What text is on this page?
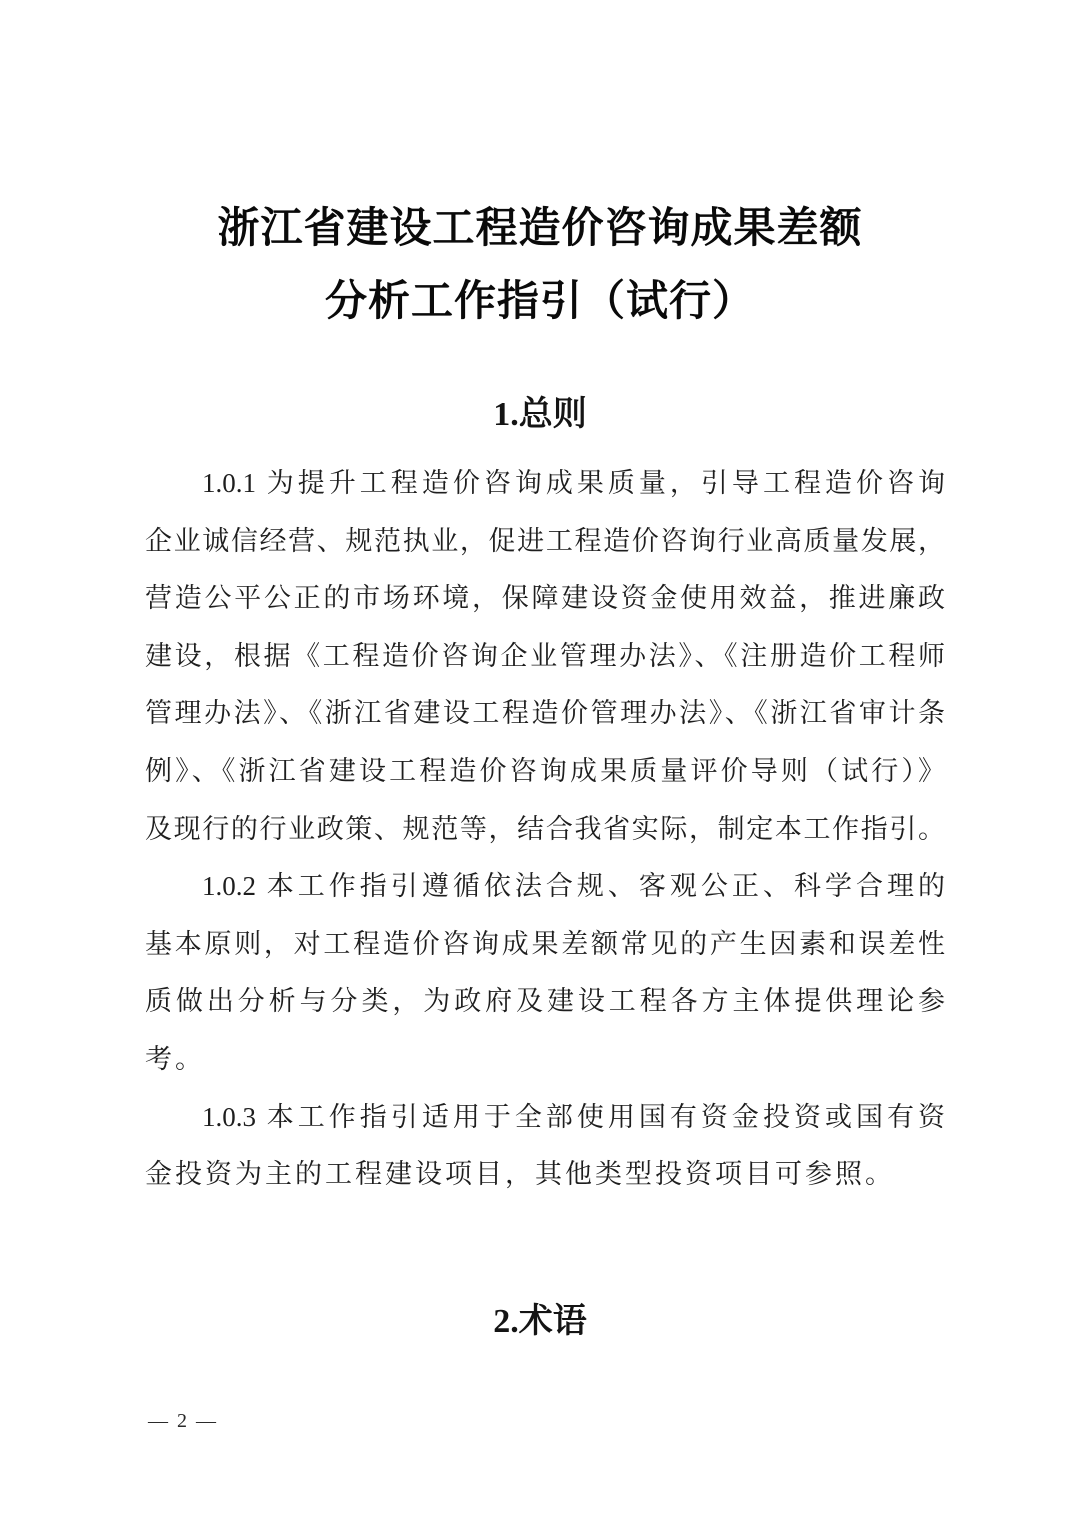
浙江省建设工程造价咨询成果差额
分析工作指引（试行）
1.总则
1.0.1 为提升工程造价咨询成果质量，引导工程造价咨询
企业诚信经营、规范执业，促进工程造价咨询行业高质量发展，
营造公平公正的市场环境，保障建设资金使用效益，推进廉政
建设，根据《工程造价咨询企业管理办法》、《注册造价工程师
管理办法》、《浙江省建设工程造价管理办法》、《浙江省审计条
例》、《浙江省建设工程造价咨询成果质量评价导则（试行）》
及现行的行业政策、规范等，结合我省实际，制定本工作指引。
1.0.2 本工作指引遵循依法合规、客观公正、科学合理的
基本原则，对工程造价咨询成果差额常见的产生因素和误差性
质做出分析与分类，为政府及建设工程各方主体提供理论参
考。
1.0.3 本工作指引适用于全部使用国有资金投资或国有资
金投资为主的工程建设项目，其他类型投资项目可参照。
2.术语
— 2 —
